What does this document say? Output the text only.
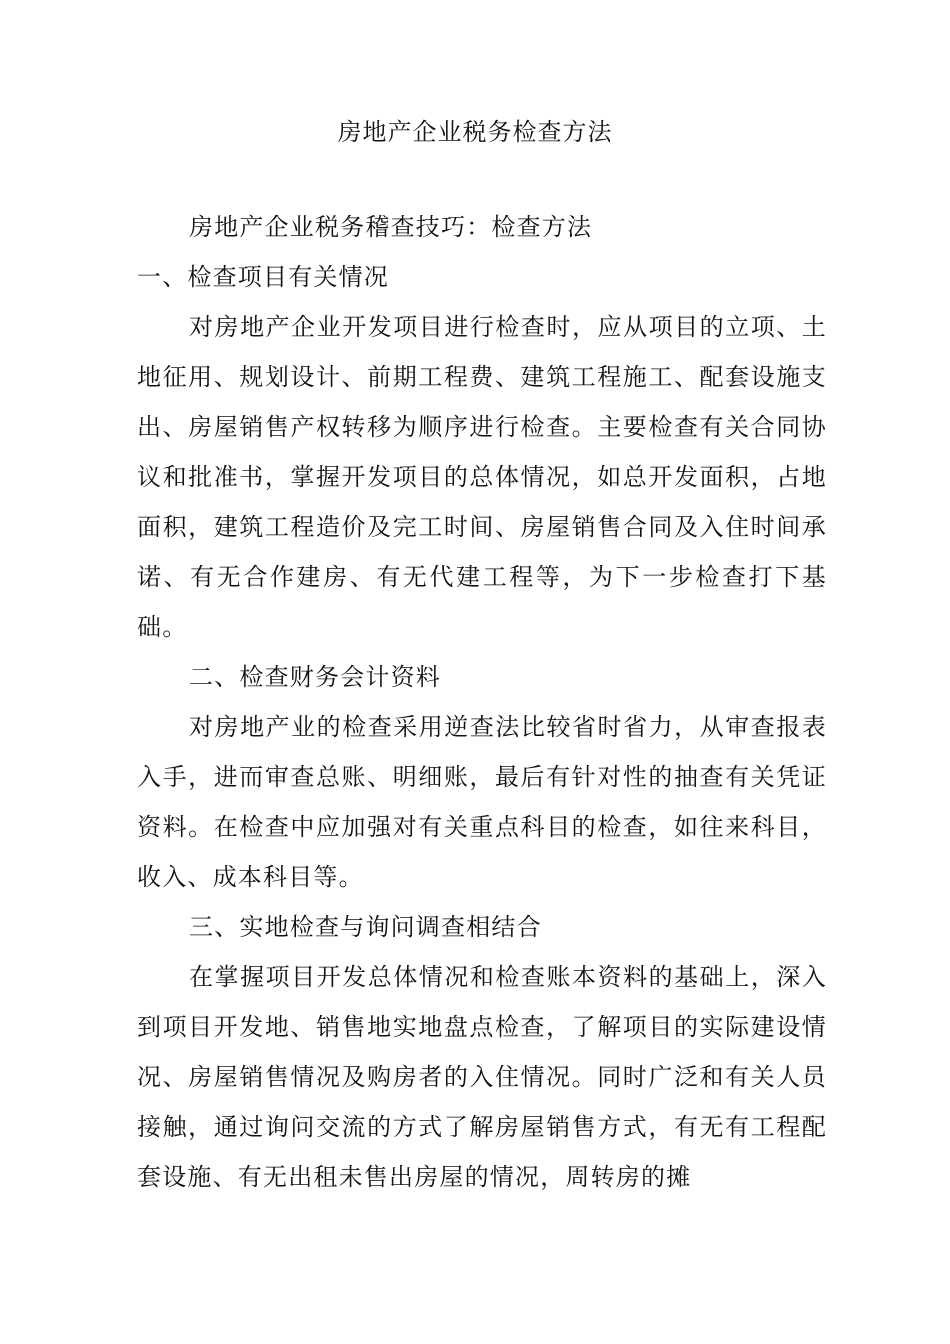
房地产企业税务检查方法

房地产企业税务稽查技巧：检查方法

一、检查项目有关情况

对房地产企业开发项目进行检查时，应从项目的立项、土地征用、规划设计、前期工程费、建筑工程施工、配套设施支出、房屋销售产权转移为顺序进行检查。主要检查有关合同协议和批准书，掌握开发项目的总体情况，如总开发面积，占地面积，建筑工程造价及完工时间、房屋销售合同及入住时间承诺、有无合作建房、有无代建工程等，为下一步检查打下基础。

二、检查财务会计资料

对房地产业的检查采用逆查法比较省时省力，从审查报表入手，进而审查总账、明细账，最后有针对性的抽查有关凭证资料。在检查中应加强对有关重点科目的检查，如往来科目，收入、成本科目等。

三、实地检查与询问调查相结合

在掌握项目开发总体情况和检查账本资料的基础上，深入到项目开发地、销售地实地盘点检查，了解项目的实际建设情况、房屋销售情况及购房者的入住情况。同时广泛和有关人员接触，通过询问交流的方式了解房屋销售方式，有无有工程配套设施、有无出租未售出房屋的情况，周转房的摊
